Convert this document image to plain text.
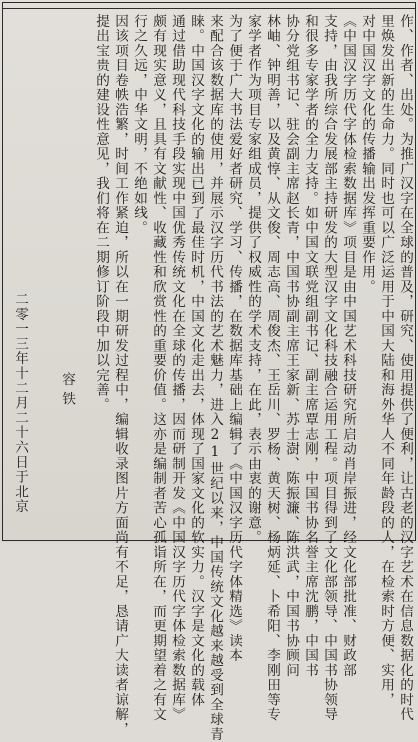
作、作者、出处。为推广汉字在全球的普及，研究、使用提供了便利，让古老的汉字艺术在信息数据化的时代
里焕发出新的生命力。同时也可以广泛运用于中国大陆和海外华人不同年龄段的人，在检索时方便、实用，
对中国汉字文化的传播输出发挥重要作用。
《中国汉字历代字体检索数据库》项目是由中国艺术科技研究所启动肖岸振进，经文化部批准、财政部
支持，由我所综合发展部主持研发的大型汉字文化科技融合运用工程。项目得到了文化部领导、中国书协领导
和很多专家学者的全力支持。如中国文联党组副书记、副主席覃志刚，中国书协名誉主席沈鹏，中国书
协分党组书记、驻会副主席赵长青，中国书协副主席王家新、苏士澍、陈振濂、陈洪武，中国书协顾问
林岫、钟明善，以及黄惇、从文俊、周志高、周俊杰、王岳川、罗杨、黄天树、杨炳延、卜希阳、李刚田等专
家学者作为项目专家组成员，提供了权威性的学术支持，在此，表示由衷的谢意。
为了便于广大书法爱好者研究、学习、传播，在数据库基础上编辑了《中国汉字历代字体精选》读本
来配合该数据库的使用，并展示汉字历代书法的艺术魅力，进入21世纪以来，中国传统文化越来越受到全球青
睐。中国汉字文化的输出已到了最佳时机，中国文化走出去，体现了国家文化的软实力。汉字是文化的载体
通过借助现代科技手段实现中国优秀传统文化在全球的传播，因而研制开发《中国汉字历代字体检索数据库》
颇有现实意义，且具有文献性、收藏性和欣赏性的重要价值。这亦是编制者苦心孤诣所在，而更期望着之有文
行之久远，中华文明，不绝如线。
因该项目卷帙浩繁，时间工作紧迫，所以在一期研发过程中，编辑收录图片方面尚有不足，恳请广大读者谅解，
提出宝贵的建设性意见，我们将在二期修订阶段中加以完善。
容铁
二零一三年十二月二十六日于北京
